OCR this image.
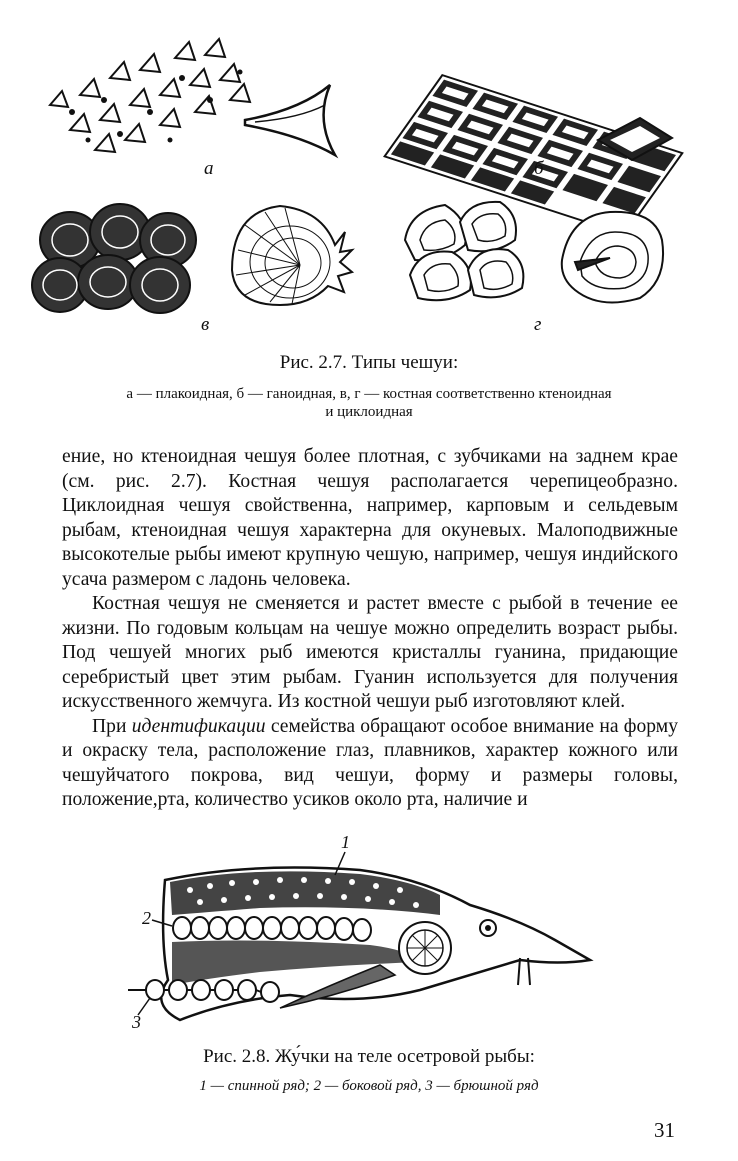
а	б
в	г
Рис. 2.7. Типы чешуи:
а — плакоидная, б — ганоидная, в, г — костная соответственно ктеноидная
и циклоидная

ение, но ктеноидная чешуя более плотная, с зубчиками на заднем крае (см. рис. 2.7). Костная чешуя располагается черепицеобразно. Циклоидная чешуя свойственна, например, карповым и сельдевым рыбам, ктеноидная чешуя характерна для окуневых. Малоподвижные высокотелые рыбы имеют крупную чешую, например, чешуя индийского усача размером с ладонь человека.

Костная чешуя не сменяется и растет вместе с рыбой в течение ее жизни. По годовым кольцам на чешуе можно определить возраст рыбы. Под чешуей многих рыб имеются кристаллы гуанина, придающие серебристый цвет этим рыбам. Гуанин используется для получения искусственного жемчуга. Из костной чешуи рыб изготовляют клей.

При идентификации семейства обращают особое внимание на форму и окраску тела, расположение глаз, плавников, характер кожного или чешуйчатого покрова, вид чешуи, форму и размеры головы, положение,рта, количество усиков около рта, наличие и

1
2
3
Рис. 2.8. Жу́чки на теле осетровой рыбы:
1 — спинной ряд; 2 — боковой ряд, 3 — брюшной ряд
31
